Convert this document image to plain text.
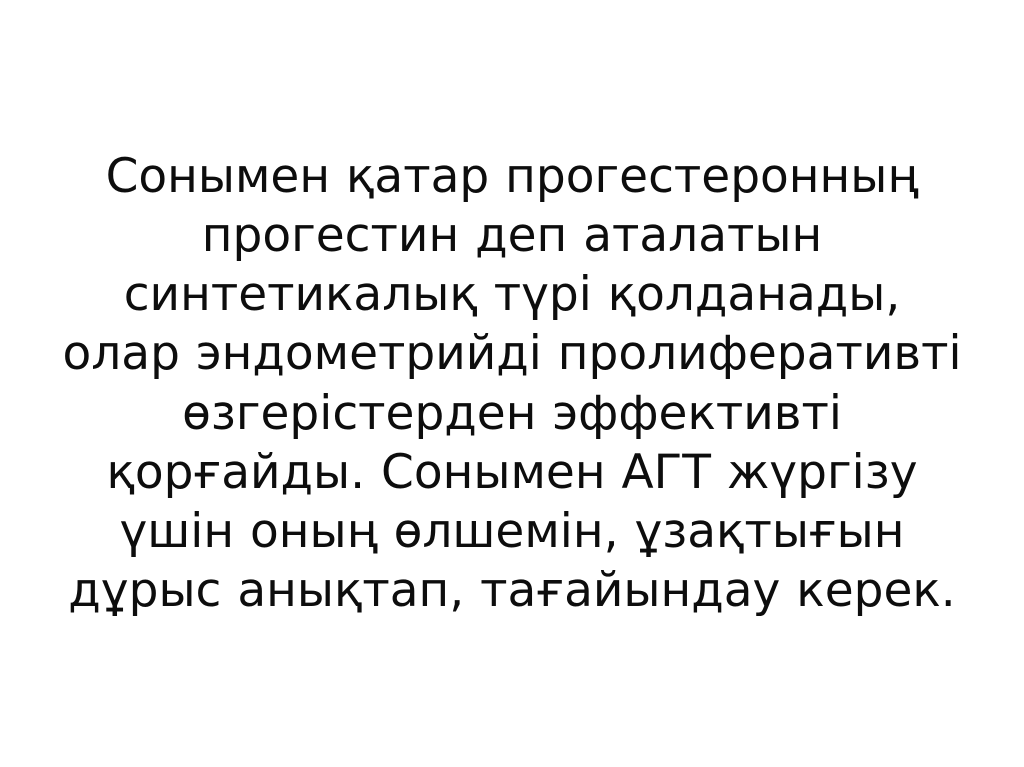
Сонымен қатар прогестеронның прогестин деп аталатын синтетикалық түрі қолданады, олар эндометрийді пролиферативті өзгерістерден эффективті қорғайды. Сонымен АГТ жүргізу үшін оның өлшемін, ұзақтығын дұрыс анықтап, тағайындау керек.
